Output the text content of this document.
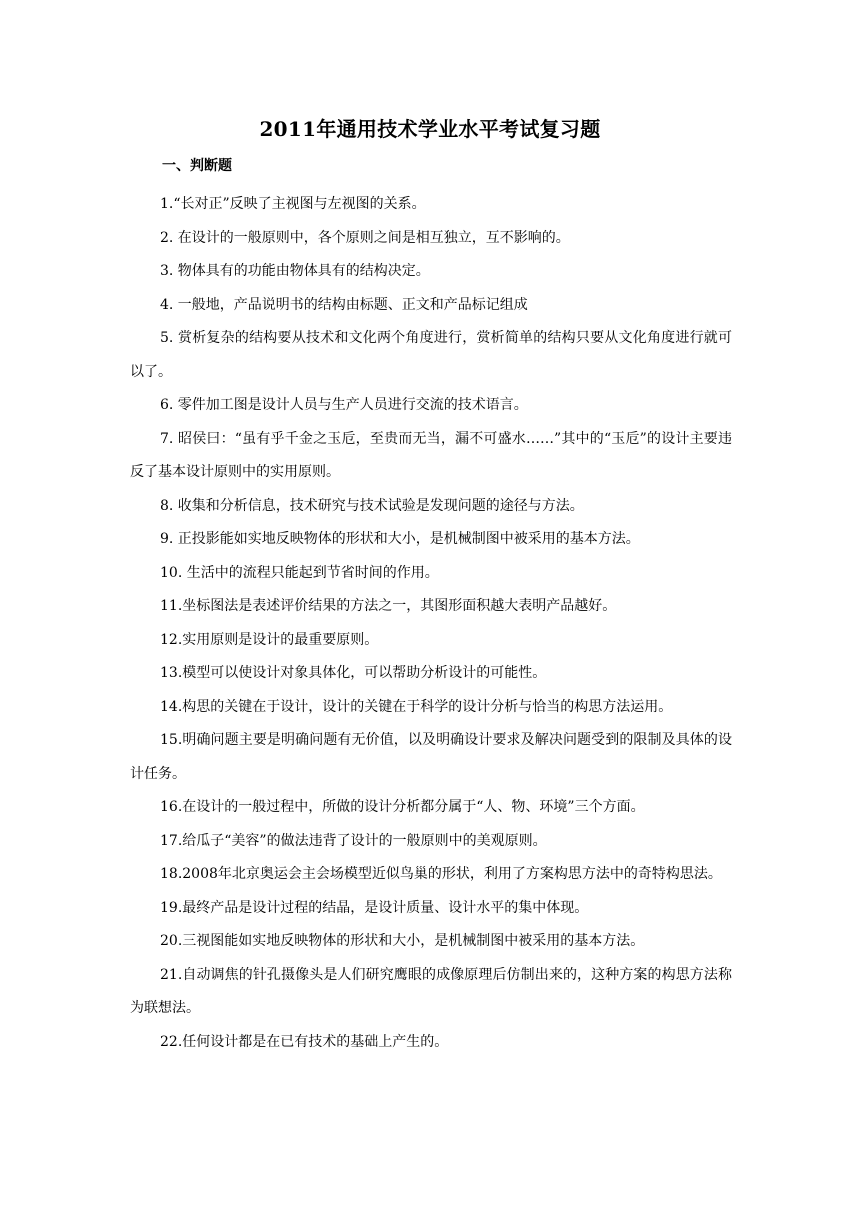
2011年通用技术学业水平考试复习题
一、判断题
1.“长对正”反映了主视图与左视图的关系。
2. 在设计的一般原则中，各个原则之间是相互独立，互不影响的。
3. 物体具有的功能由物体具有的结构决定。
4. 一般地，产品说明书的结构由标题、正文和产品标记组成
5. 赏析复杂的结构要从技术和文化两个角度进行，赏析简单的结构只要从文化角度进行就可以了。
6. 零件加工图是设计人员与生产人员进行交流的技术语言。
7. 昭侯曰：“虽有乎千金之玉卮，至贵而无当，漏不可盛水……”其中的“玉卮”的设计主要违反了基本设计原则中的实用原则。
8. 收集和分析信息，技术研究与技术试验是发现问题的途径与方法。
9. 正投影能如实地反映物体的形状和大小，是机械制图中被采用的基本方法。
10. 生活中的流程只能起到节省时间的作用。
11.坐标图法是表述评价结果的方法之一，其图形面积越大表明产品越好。
12.实用原则是设计的最重要原则。
13.模型可以使设计对象具体化，可以帮助分析设计的可能性。
14.构思的关键在于设计，设计的关键在于科学的设计分析与恰当的构思方法运用。
15.明确问题主要是明确问题有无价值，以及明确设计要求及解决问题受到的限制及具体的设计任务。
16.在设计的一般过程中，所做的设计分析都分属于“人、物、环境”三个方面。
17.给瓜子“美容”的做法违背了设计的一般原则中的美观原则。
18.2008年北京奥运会主会场模型近似鸟巢的形状，利用了方案构思方法中的奇特构思法。
19.最终产品是设计过程的结晶，是设计质量、设计水平的集中体现。
20.三视图能如实地反映物体的形状和大小，是机械制图中被采用的基本方法。
21.自动调焦的针孔摄像头是人们研究鹰眼的成像原理后仿制出来的，这种方案的构思方法称为联想法。
22.任何设计都是在已有技术的基础上产生的。
